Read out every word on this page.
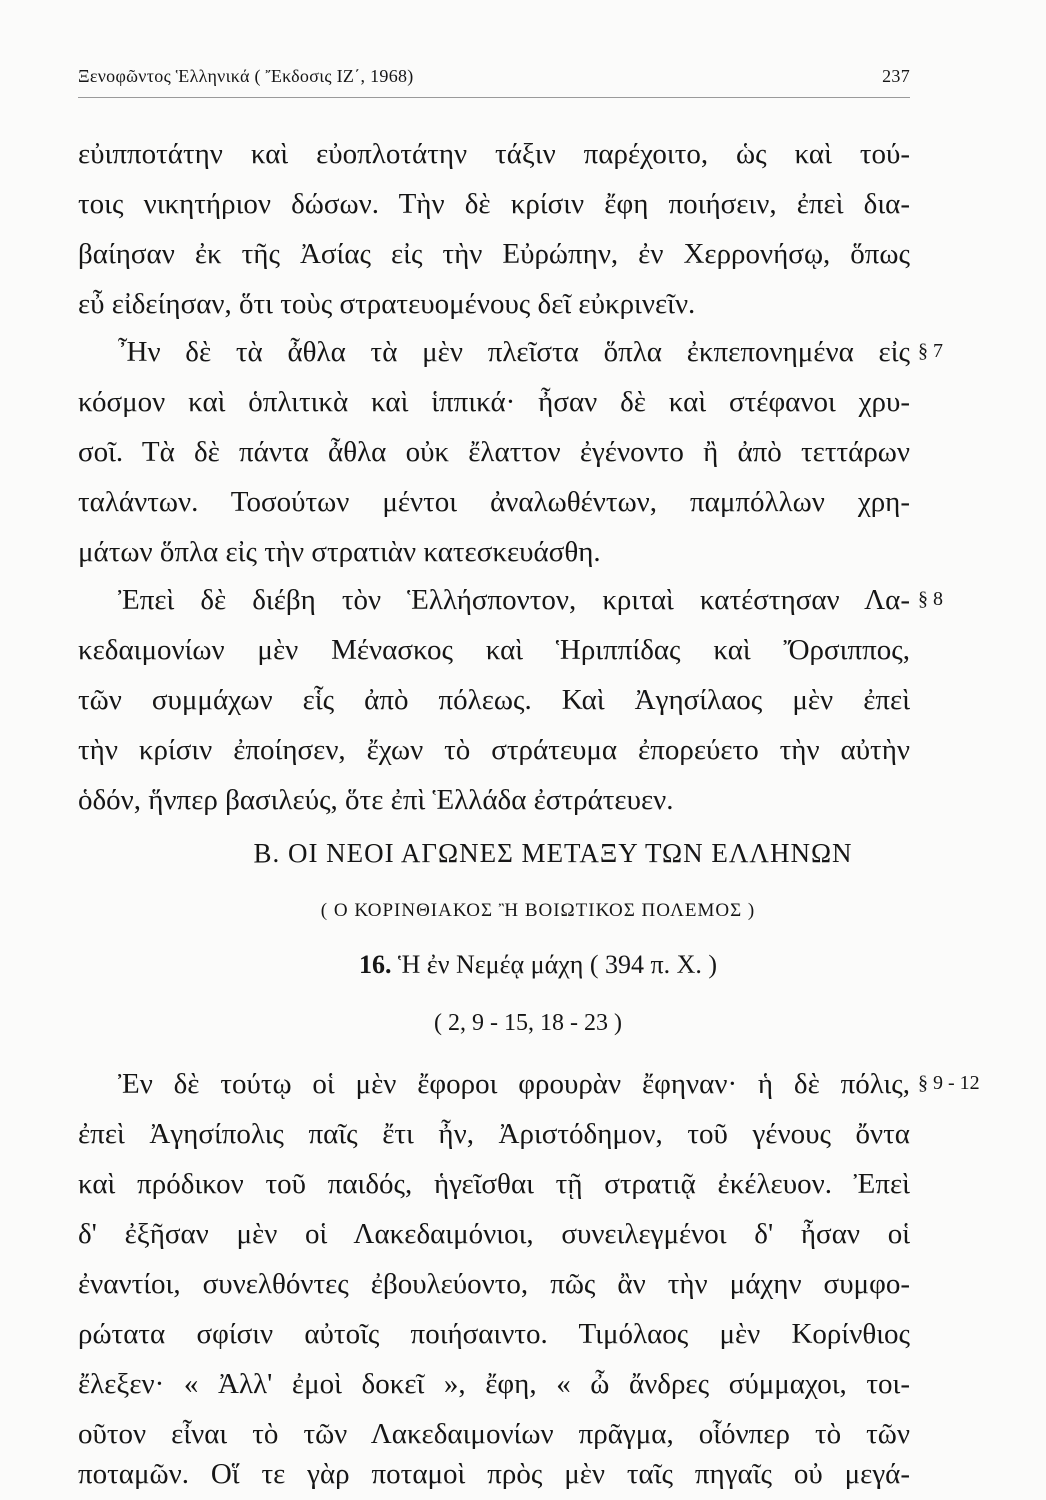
Ξενοφῶντος Ἑλληνικά ( Ἔκδοσις ΙΖ΄, 1968)	237
εὐιπποτάτην καὶ εὐοπλοτάτην τάξιν παρέχοιτο, ὡς καὶ τού-
τοις νικητήριον δώσων. Τὴν δὲ κρίσιν ἔφη ποιήσειν, ἐπεὶ δια-
βαίησαν ἐκ τῆς Ἀσίας εἰς τὴν Εὐρώπην, ἐν Χερρονήσῳ, ὅπως
εὖ εἰδείησαν, ὅτι τοὺς στρατευομένους δεῖ εὐκρινεῖν.
Ἦν δὲ τὰ ἆθλα τὰ μὲν πλεῖστα ὅπλα ἐκπεπονημένα εἰς § 7
κόσμον καὶ ὁπλιτικὰ καὶ ἱππικά· ἦσαν δὲ καὶ στέφανοι χρυ-
σοῖ. Τὰ δὲ πάντα ἆθλα οὐκ ἔλαττον ἐγένοντο ἢ ἀπὸ τεττάρων
ταλάντων. Τοσούτων μέντοι ἀναλωθέντων, παμπόλλων χρη-
μάτων ὅπλα εἰς τὴν στρατιὰν κατεσκευάσθη.
Ἐπεὶ δὲ διέβη τὸν Ἑλλήσποντον, κριταὶ κατέστησαν Λα- § 8
κεδαιμονίων μὲν Μένασκος καὶ Ἡριππίδας καὶ Ὄρσιππος,
τῶν συμμάχων εἷς ἀπὸ πόλεως. Καὶ Ἀγησίλαος μὲν ἐπεὶ
τὴν κρίσιν ἐποίησεν, ἔχων τὸ στράτευμα ἐπορεύετο τὴν αὐτὴν
ὁδόν, ἥνπερ βασιλεύς, ὅτε ἐπὶ Ἑλλάδα ἐστράτευεν.
Β. ΟΙ ΝΕΟΙ ΑΓΩΝΕΣ ΜΕΤΑΞΥ ΤΩΝ ΕΛΛΗΝΩΝ
( Ο ΚΟΡΙΝΘΙΑΚΟΣ Ἢ ΒΟΙΩΤΙΚΟΣ ΠΟΛΕΜΟΣ )
16. Ἡ ἐν Νεμέᾳ μάχη ( 394 π. Χ. )
( 2, 9 - 15, 18 - 23 )
Ἐν δὲ τούτῳ οἱ μὲν ἔφοροι φρουρὰν ἔφηναν· ἡ δὲ πόλις, § 9 - 12
ἐπεὶ Ἀγησίπολις παῖς ἔτι ἦν, Ἀριστόδημον, τοῦ γένους ὄντα
καὶ πρόδικον τοῦ παιδός, ἡγεῖσθαι τῇ στρατιᾷ ἐκέλευον. Ἐπεὶ
δ' ἐξῆσαν μὲν οἱ Λακεδαιμόνιοι, συνειλεγμένοι δ' ἦσαν οἱ
ἐναντίοι, συνελθόντες ἐβουλεύοντο, πῶς ἂν τὴν μάχην συμφο-
ρώτατα σφίσιν αὐτοῖς ποιήσαιντο. Τιμόλαος μὲν Κορίνθιος
ἔλεξεν· « Ἀλλ' ἐμοὶ δοκεῖ », ἔφη, « ὦ ἄνδρες σύμμαχοι, τοι-
οῦτον εἶναι τὸ τῶν Λακεδαιμονίων πρᾶγμα, οἷόνπερ τὸ τῶν
ποταμῶν. Οἵ τε γὰρ ποταμοὶ πρὸς μὲν ταῖς πηγαῖς οὐ μεγά-
